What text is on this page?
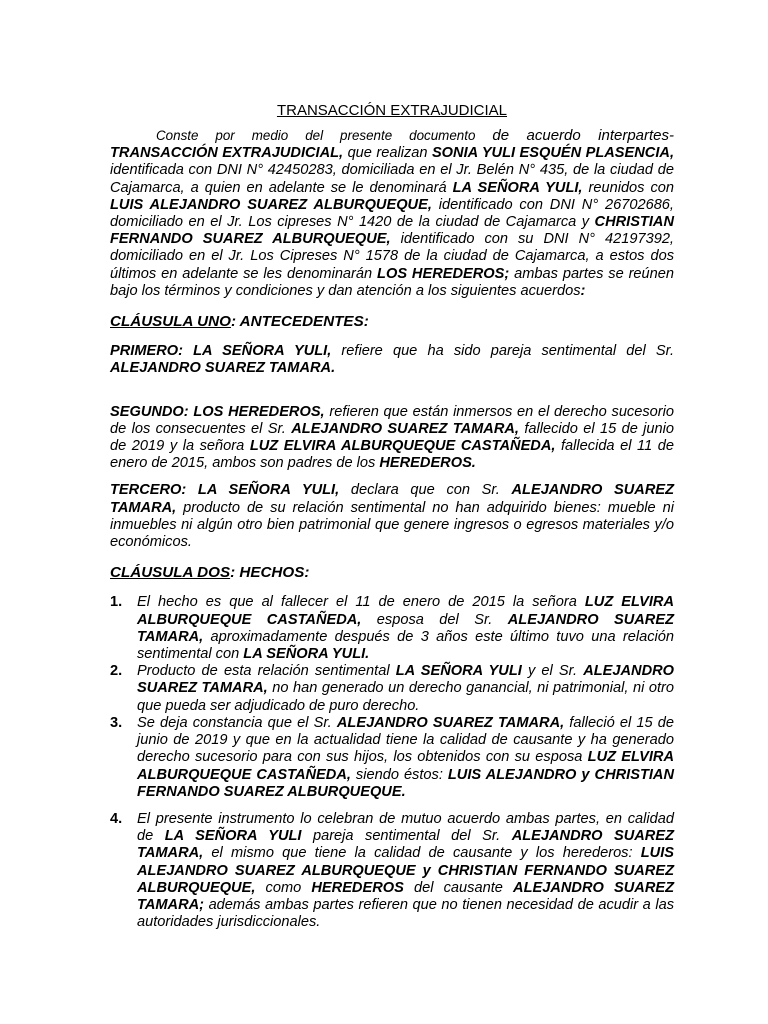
TRANSACCIÓN EXTRAJUDICIAL

Conste por medio del presente documento de acuerdo interpartes- TRANSACCIÓN EXTRAJUDICIAL, que realizan SONIA YULI ESQUÉN PLASENCIA, identificada con DNI N° 42450283, domiciliada en el Jr. Belén N° 435, de la ciudad de Cajamarca, a quien en adelante se le denominará LA SEÑORA YULI, reunidos con LUIS ALEJANDRO SUAREZ ALBURQUEQUE, identificado con DNI N° 26702686, domiciliado en el Jr. Los cipreses N° 1420 de la ciudad de Cajamarca y CHRISTIAN FERNANDO SUAREZ ALBURQUEQUE, identificado con su DNI N° 42197392, domiciliado en el Jr. Los Cipreses N° 1578 de la ciudad de Cajamarca, a estos dos últimos en adelante se les denominarán LOS HEREDEROS; ambas partes se reúnen bajo los términos y condiciones y dan atención a los siguientes acuerdos:

CLÁUSULA UNO: ANTECEDENTES:

PRIMERO: LA SEÑORA YULI, refiere que ha sido pareja sentimental del Sr. ALEJANDRO SUAREZ TAMARA.

SEGUNDO: LOS HEREDEROS, refieren que están inmersos en el derecho sucesorio de los consecuentes el Sr. ALEJANDRO SUAREZ TAMARA, fallecido el 15 de junio de 2019 y la señora LUZ ELVIRA ALBURQUEQUE CASTAÑEDA, fallecida el 11 de enero de 2015, ambos son padres de los HEREDEROS.

TERCERO: LA SEÑORA YULI, declara que con Sr. ALEJANDRO SUAREZ TAMARA, producto de su relación sentimental no han adquirido bienes: mueble ni inmuebles ni algún otro bien patrimonial que genere ingresos o egresos materiales y/o económicos.

CLÁUSULA DOS: HECHOS:
1. El hecho es que al fallecer el 11 de enero de 2015 la señora LUZ ELVIRA ALBURQUEQUE CASTAÑEDA, esposa del Sr. ALEJANDRO SUAREZ TAMARA, aproximadamente después de 3 años este último tuvo una relación sentimental con LA SEÑORA YULI.
2. Producto de esta relación sentimental LA SEÑORA YULI y el Sr. ALEJANDRO SUAREZ TAMARA, no han generado un derecho ganancial, ni patrimonial, ni otro que pueda ser adjudicado de puro derecho.
3. Se deja constancia que el Sr. ALEJANDRO SUAREZ TAMARA, falleció el 15 de junio de 2019 y que en la actualidad tiene la calidad de causante y ha generado derecho sucesorio para con sus hijos, los obtenidos con su esposa LUZ ELVIRA ALBURQUEQUE CASTAÑEDA, siendo éstos: LUIS ALEJANDRO y CHRISTIAN FERNANDO SUAREZ ALBURQUEQUE.
4. El presente instrumento lo celebran de mutuo acuerdo ambas partes, en calidad de LA SEÑORA YULI pareja sentimental del Sr. ALEJANDRO SUAREZ TAMARA, el mismo que tiene la calidad de causante y los herederos: LUIS ALEJANDRO SUAREZ ALBURQUEQUE y CHRISTIAN FERNANDO SUAREZ ALBURQUEQUE, como HEREDEROS del causante ALEJANDRO SUAREZ TAMARA; además ambas partes refieren que no tienen necesidad de acudir a las autoridades jurisdiccionales.
